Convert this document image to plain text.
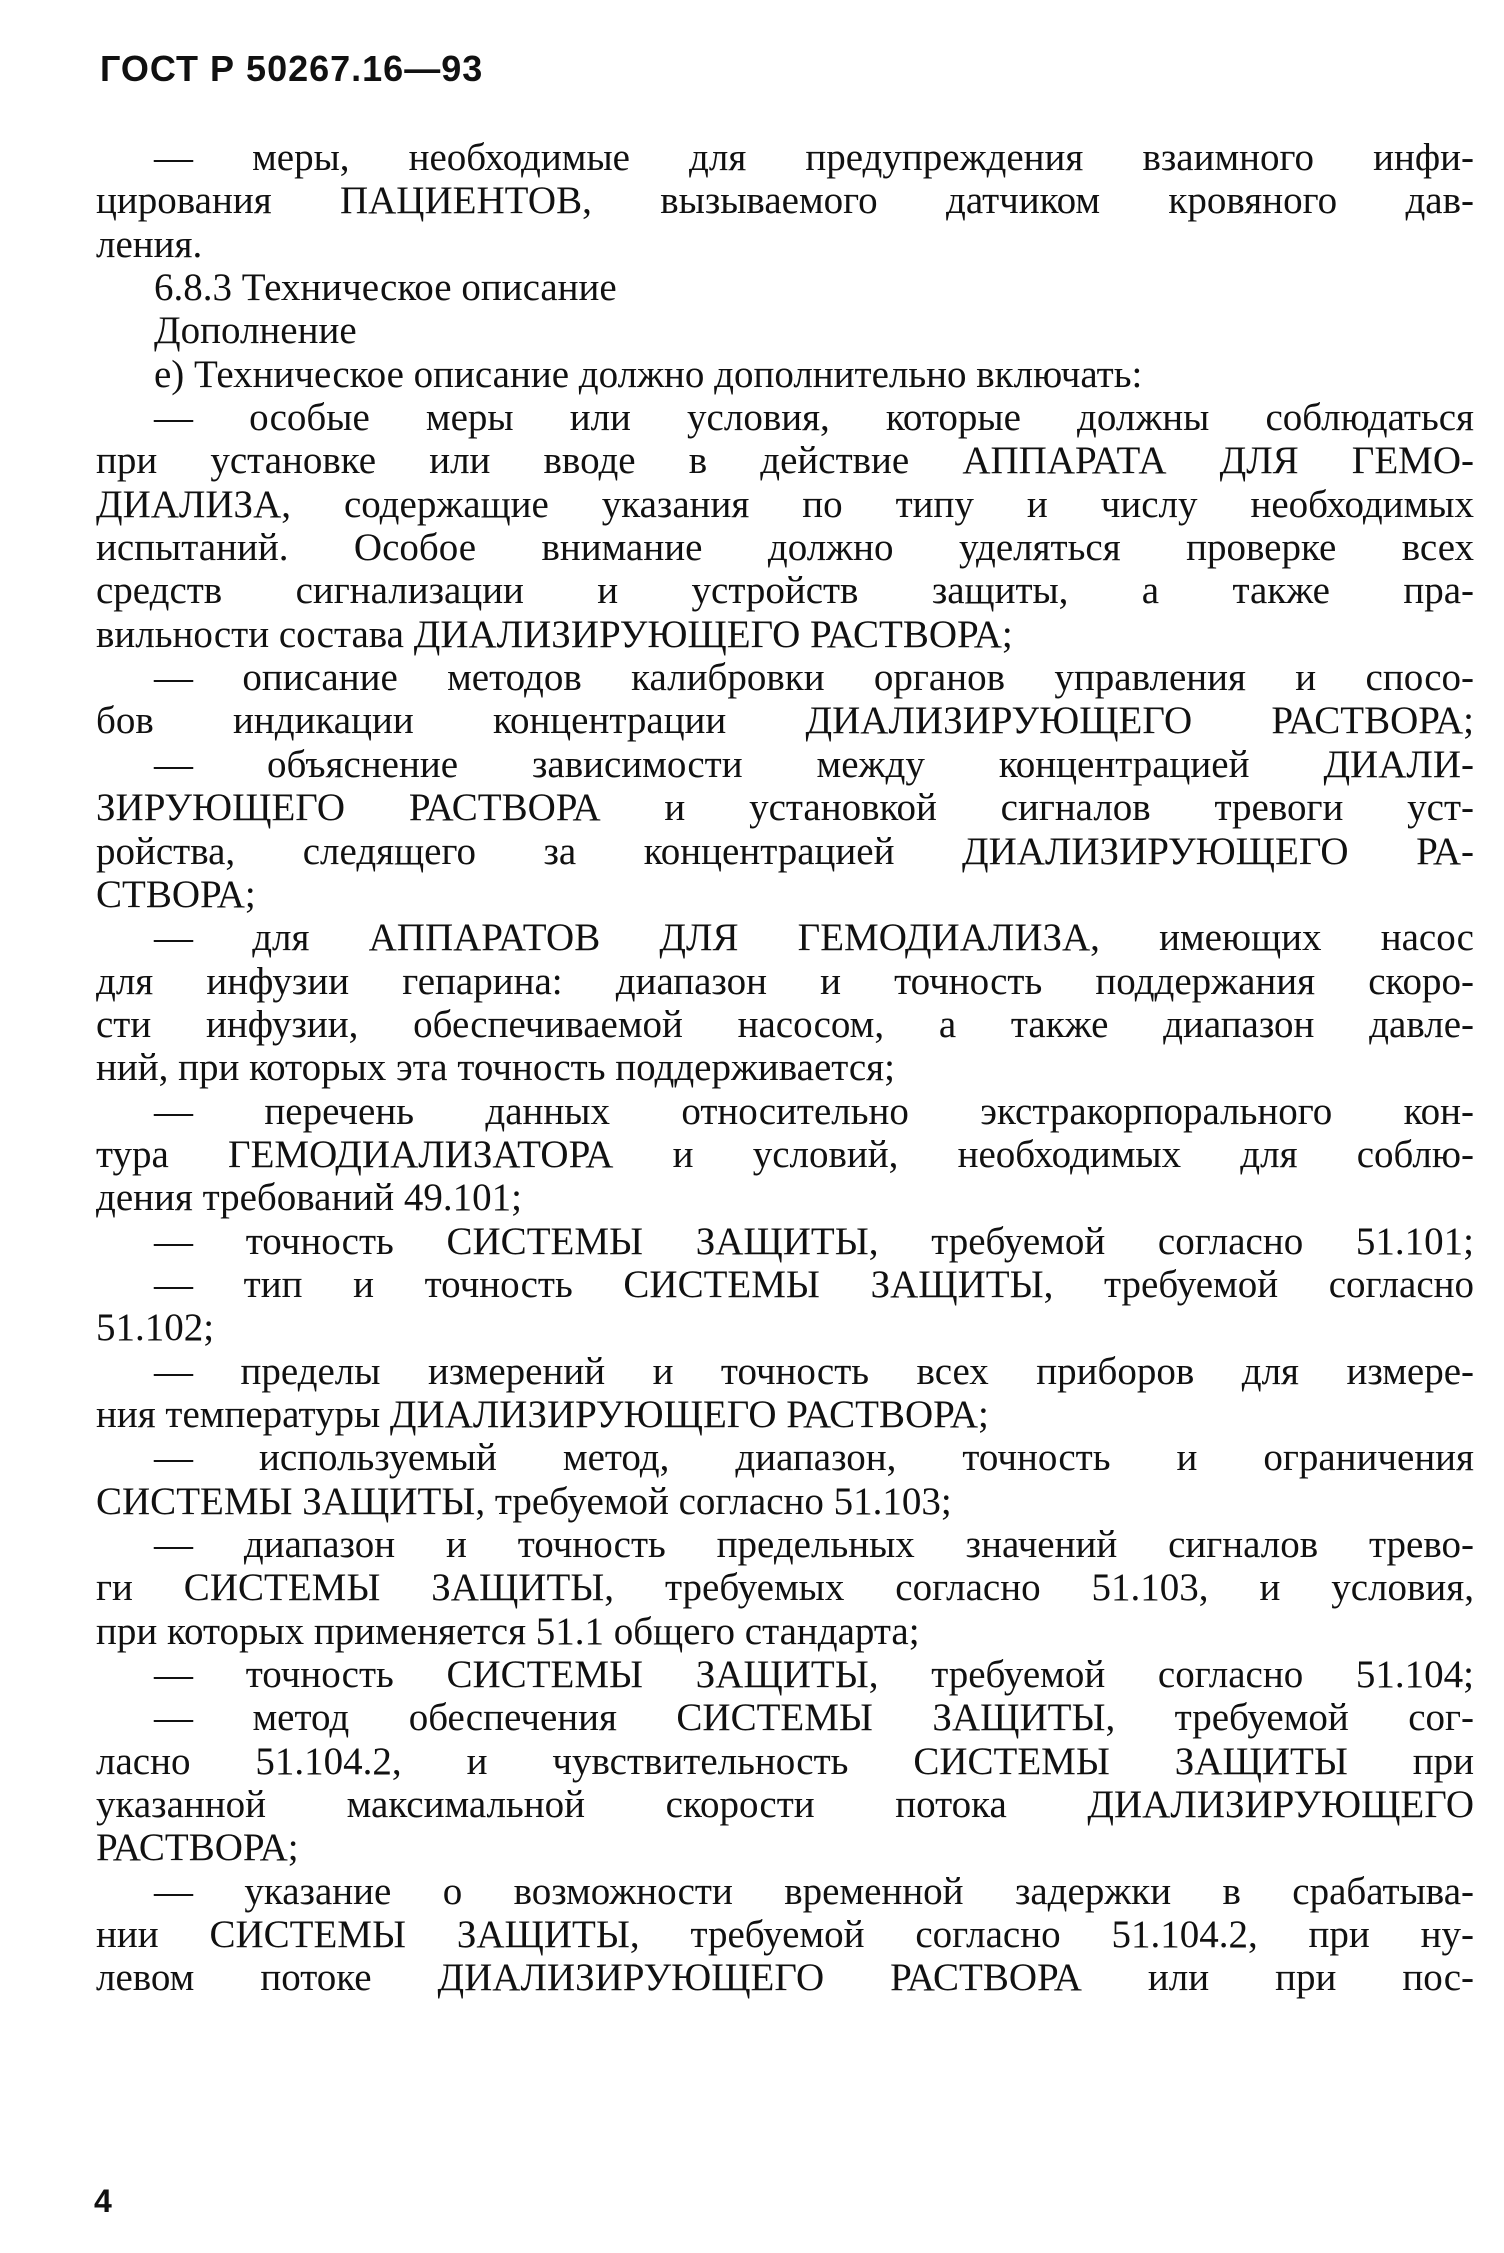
ГОСТ Р 50267.16—93
— меры, необходимые для предупреждения взаимного инфи-
цирования ПАЦИЕНТОВ, вызываемого датчиком кровяного дав-
ления.
6.8.3 Техническое описание
Дополнение
е) Техническое описание должно дополнительно включать:
— особые меры или условия, которые должны соблюдаться
при установке или вводе в действие АППАРАТА ДЛЯ ГЕМО-
ДИАЛИЗА, содержащие указания по типу и числу необходимых
испытаний. Особое внимание должно уделяться проверке всех
средств сигнализации и устройств защиты, а также пра-
вильности состава ДИАЛИЗИРУЮЩЕГО РАСТВОРА;
— описание методов калибровки органов управления и спосо-
бов индикации концентрации ДИАЛИЗИРУЮЩЕГО РАСТВОРА;
— объяснение зависимости между концентрацией ДИАЛИ-
ЗИРУЮЩЕГО РАСТВОРА и установкой сигналов тревоги уст-
ройства, следящего за концентрацией ДИАЛИЗИРУЮЩЕГО РА-
СТВОРА;
— для АППАРАТОВ ДЛЯ ГЕМОДИАЛИЗА, имеющих насос
для инфузии гепарина: диапазон и точность поддержания скоро-
сти инфузии, обеспечиваемой насосом, а также диапазон давле-
ний, при которых эта точность поддерживается;
— перечень данных относительно экстракорпорального кон-
тура ГЕМОДИАЛИЗАТОРА и условий, необходимых для соблю-
дения требований 49.101;
— точность СИСТЕМЫ ЗАЩИТЫ, требуемой согласно 51.101;
— тип и точность СИСТЕМЫ ЗАЩИТЫ, требуемой согласно
51.102;
— пределы измерений и точность всех приборов для измере-
ния температуры ДИАЛИЗИРУЮЩЕГО РАСТВОРА;
— используемый метод, диапазон, точность и ограничения
СИСТЕМЫ ЗАЩИТЫ, требуемой согласно 51.103;
— диапазон и точность предельных значений сигналов трево-
ги СИСТЕМЫ ЗАЩИТЫ, требуемых согласно 51.103, и условия,
при которых применяется 51.1 общего стандарта;
— точность СИСТЕМЫ ЗАЩИТЫ, требуемой согласно 51.104;
— метод обеспечения СИСТЕМЫ ЗАЩИТЫ, требуемой сог-
ласно 51.104.2, и чувствительность СИСТЕМЫ ЗАЩИТЫ при
указанной максимальной скорости потока ДИАЛИЗИРУЮЩЕГО
РАСТВОРА;
— указание о возможности временной задержки в срабатыва-
нии СИСТЕМЫ ЗАЩИТЫ, требуемой согласно 51.104.2, при ну-
левом потоке ДИАЛИЗИРУЮЩЕГО РАСТВОРА или при пос-
4
